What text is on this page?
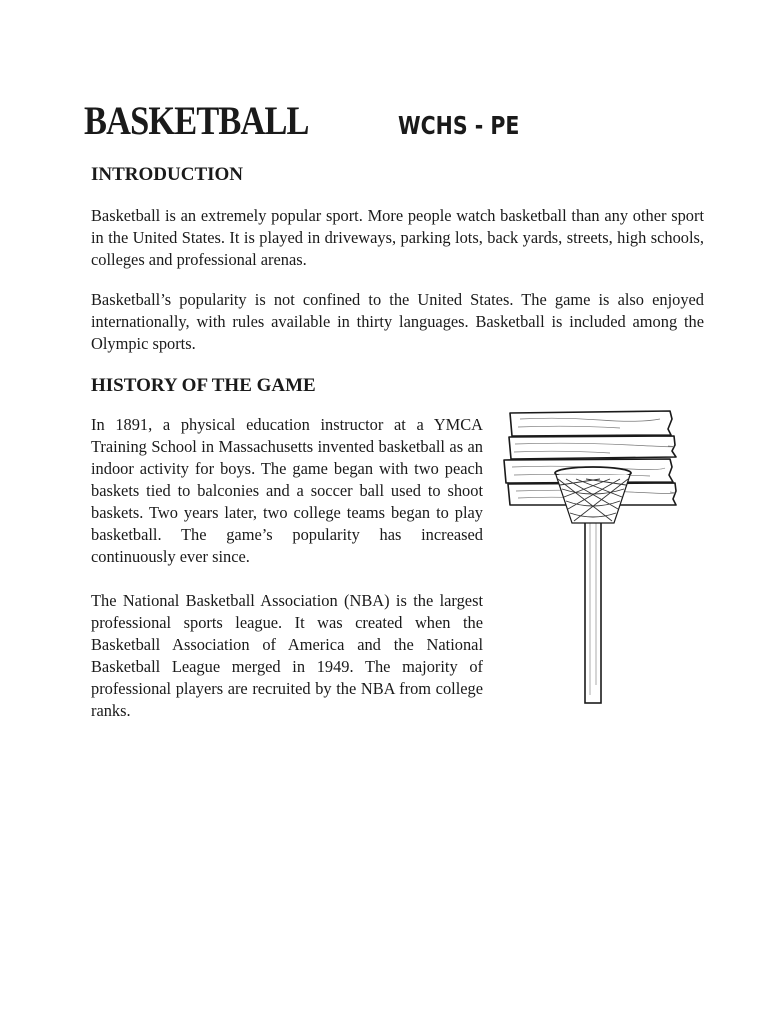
BASKETBALL	WCHS - PE
INTRODUCTION

Basketball is an extremely popular sport. More people watch basketball than any other sport in the United States. It is played in driveways, parking lots, back yards, streets, high schools, colleges and professional arenas.

Basketball’s popularity is not confined to the United States. The game is also enjoyed internationally, with rules available in thirty languages. Basketball is included among the Olympic sports.

HISTORY OF THE GAME

In 1891, a physical education instructor at a YMCA Training School in Massachusetts invented basketball as an indoor activity for boys. The game began with two peach baskets tied to balconies and a soccer ball used to shoot baskets. Two years later, two college teams began to play basketball. The game’s popularity has increased continuously ever since.

The National Basketball Association (NBA) is the largest professional sports league. It was created when the Basketball Association of America and the National Basketball League merged in 1949. The majority of professional players are recruited by the NBA from college ranks.
